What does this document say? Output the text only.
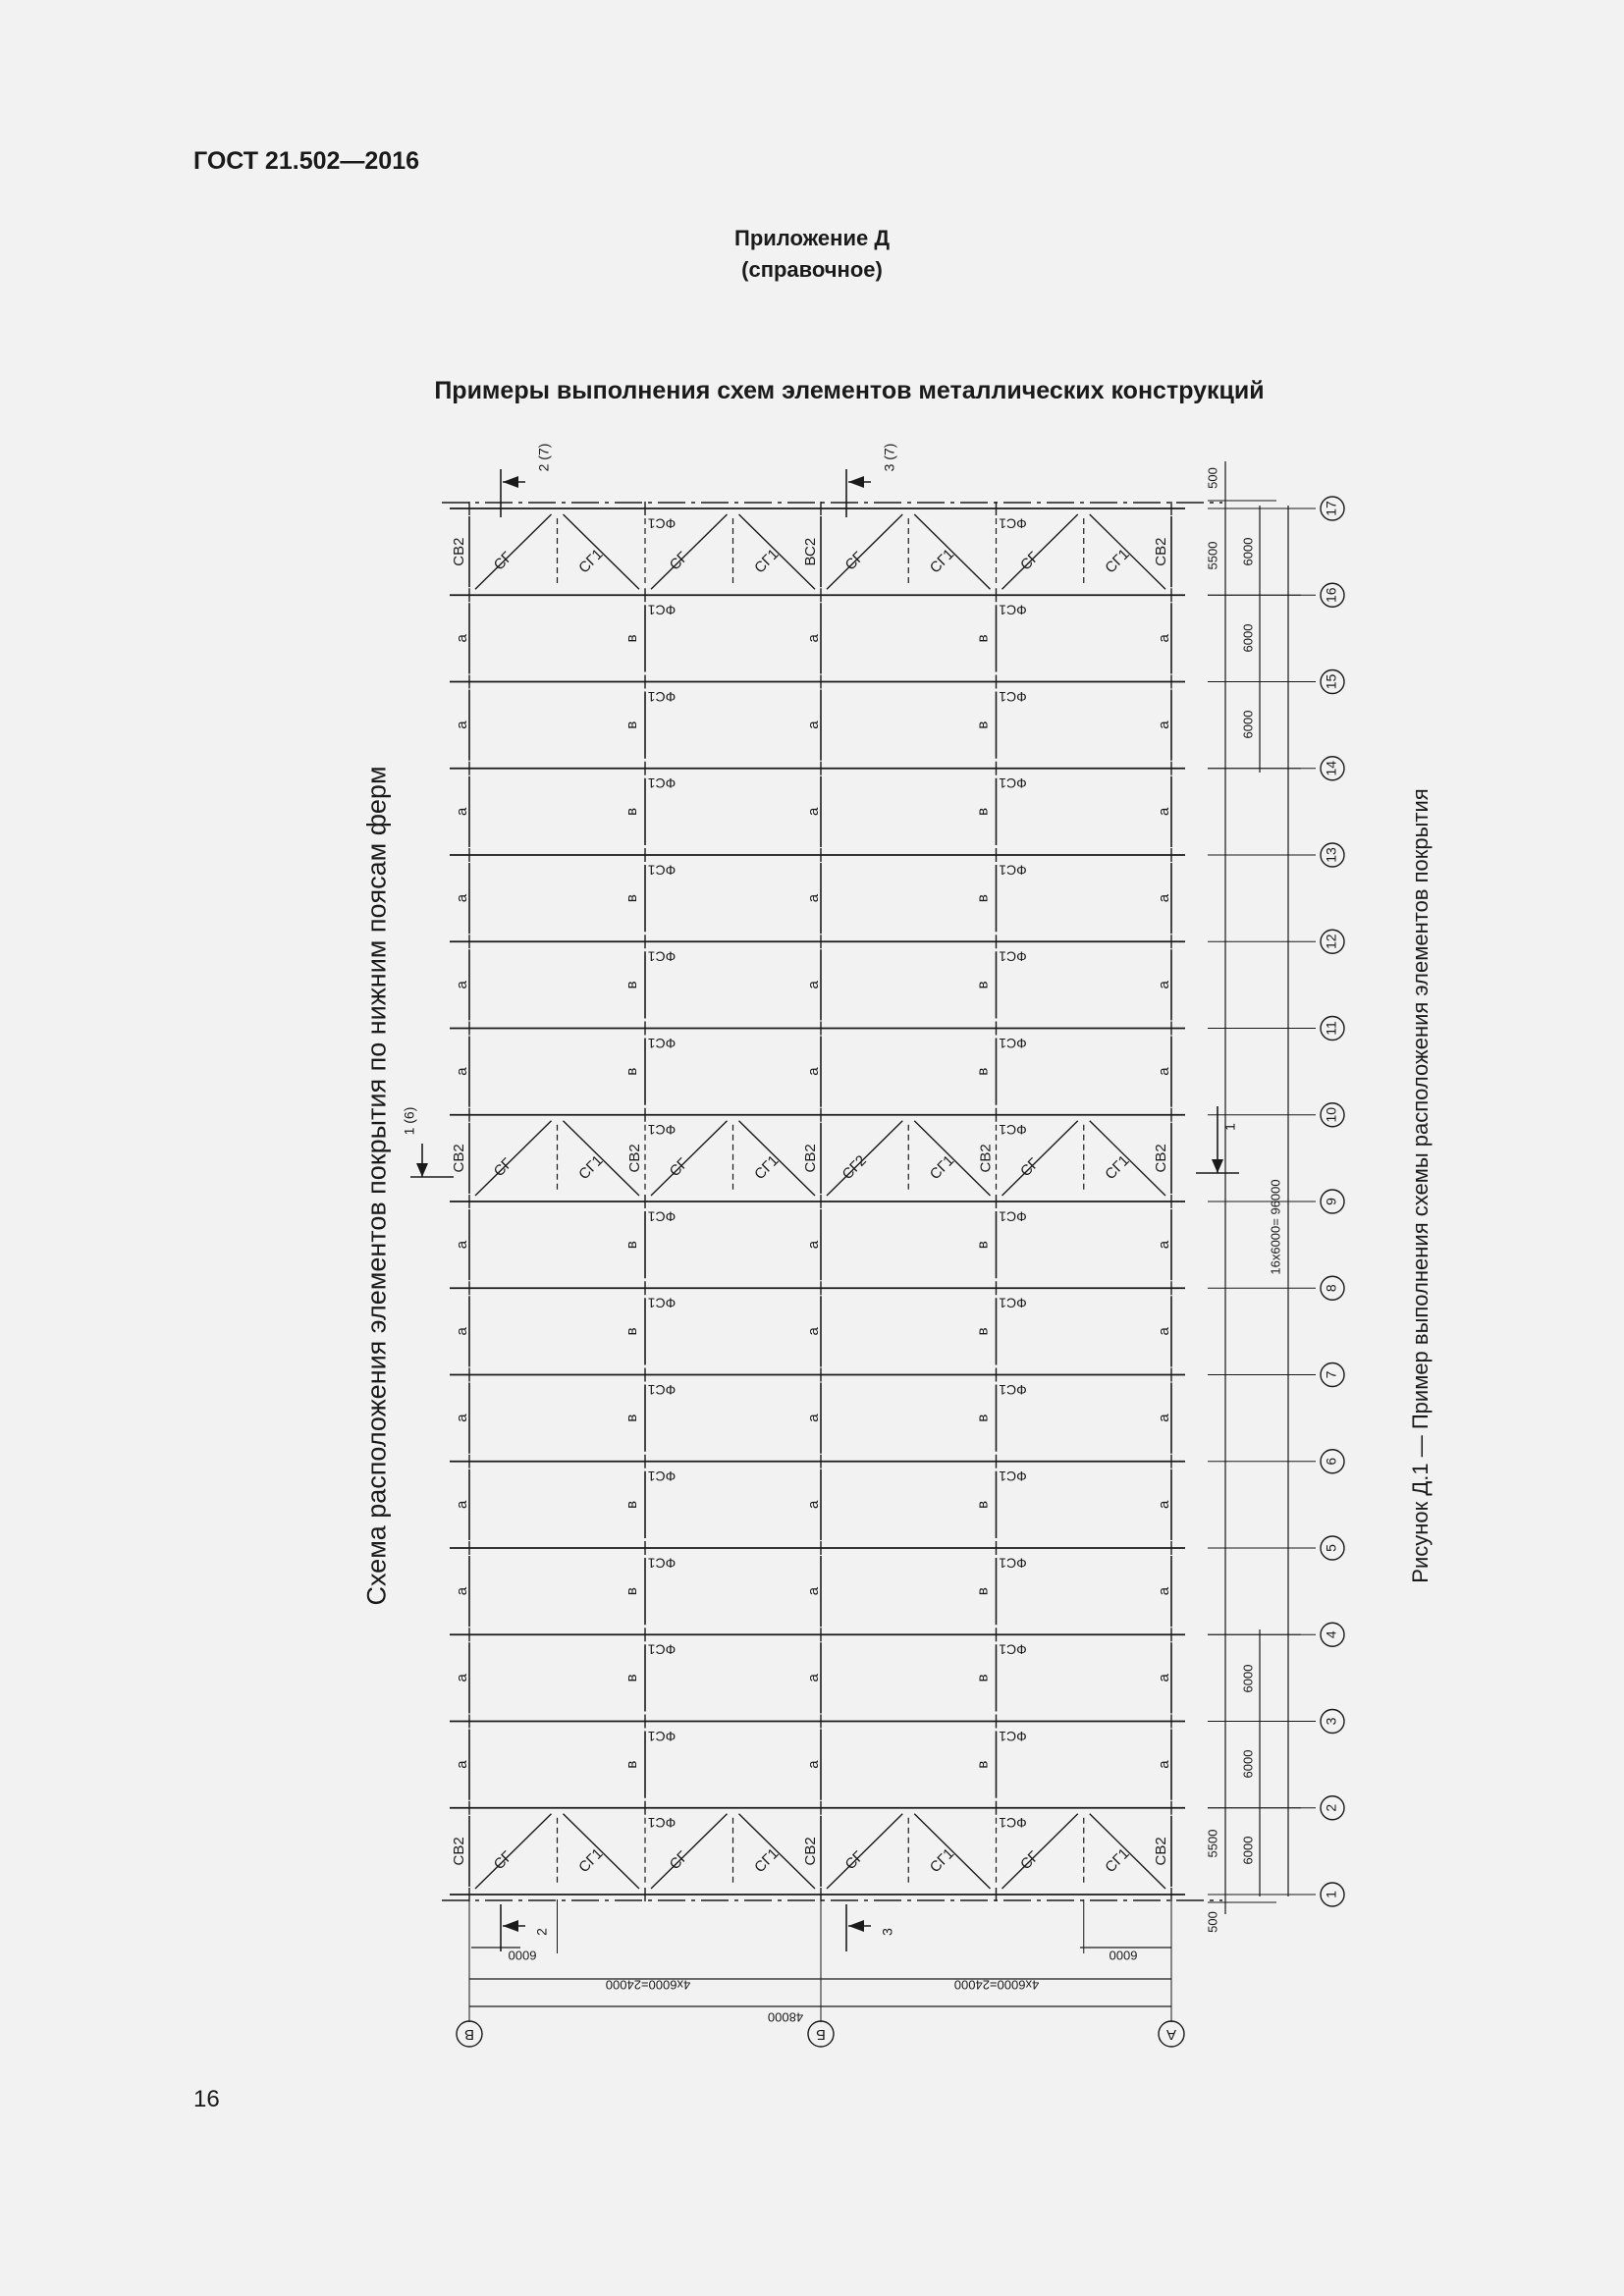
ГОСТ 21.502—2016
Приложение Д
(справочное)
Примеры выполнения схем элементов металлических конструкций
СГ	СГ1	СГ	СГ1
ФС1
СГ	СГ1	СГ	СГ1
ФС1
СВ2	СВ2
ВС2
а	а	а
в
ФС1
в
ФС1
а	а	а
в
ФС1
в
ФС1
а	а	а
в
ФС1
в
ФС1
а	а	а
в
ФС1
в
ФС1
а	а	а
в
ФС1
в
ФС1
а	а	а
в
ФС1
в
ФС1
СГ	СГ1	СГ	СГ1
ФС1
СГ2	СГ1	СГ	СГ1
ФС1
СВ2	СВ2
СВ2
СВ2	СВ2
а	а	а
в
ФС1
в
ФС1
а	а	а
в
ФС1
в
ФС1
а	а	а
в
ФС1
в
ФС1
а	а	а
в
ФС1
в
ФС1
а	а	а
в
ФС1
в
ФС1
а	а	а
в
ФС1
в
ФС1
а	а	а
в
ФС1
в
ФС1
СГ	СГ1	СГ	СГ1
ФС1
СГ	СГ1	СГ	СГ1
ФС1
СВ2	СВ2
СВ2
2 (7)	3 (7)
2	3
1 (6)	1
500
5500 6000
6000
6000
16x6000= 96000
6000
6000
5500 6000
500
6000	6000
4x6000=24000	4x6000=24000
48000
1
2
3
4
5
6
7
8
9
10
11
12
13
14
15
16
17
В	Б	А
Схема расположения элементов покрытия по нижним поясам ферм	Рисунок Д.1 — Пример выполнения схемы расположения элементов покрытия
16
